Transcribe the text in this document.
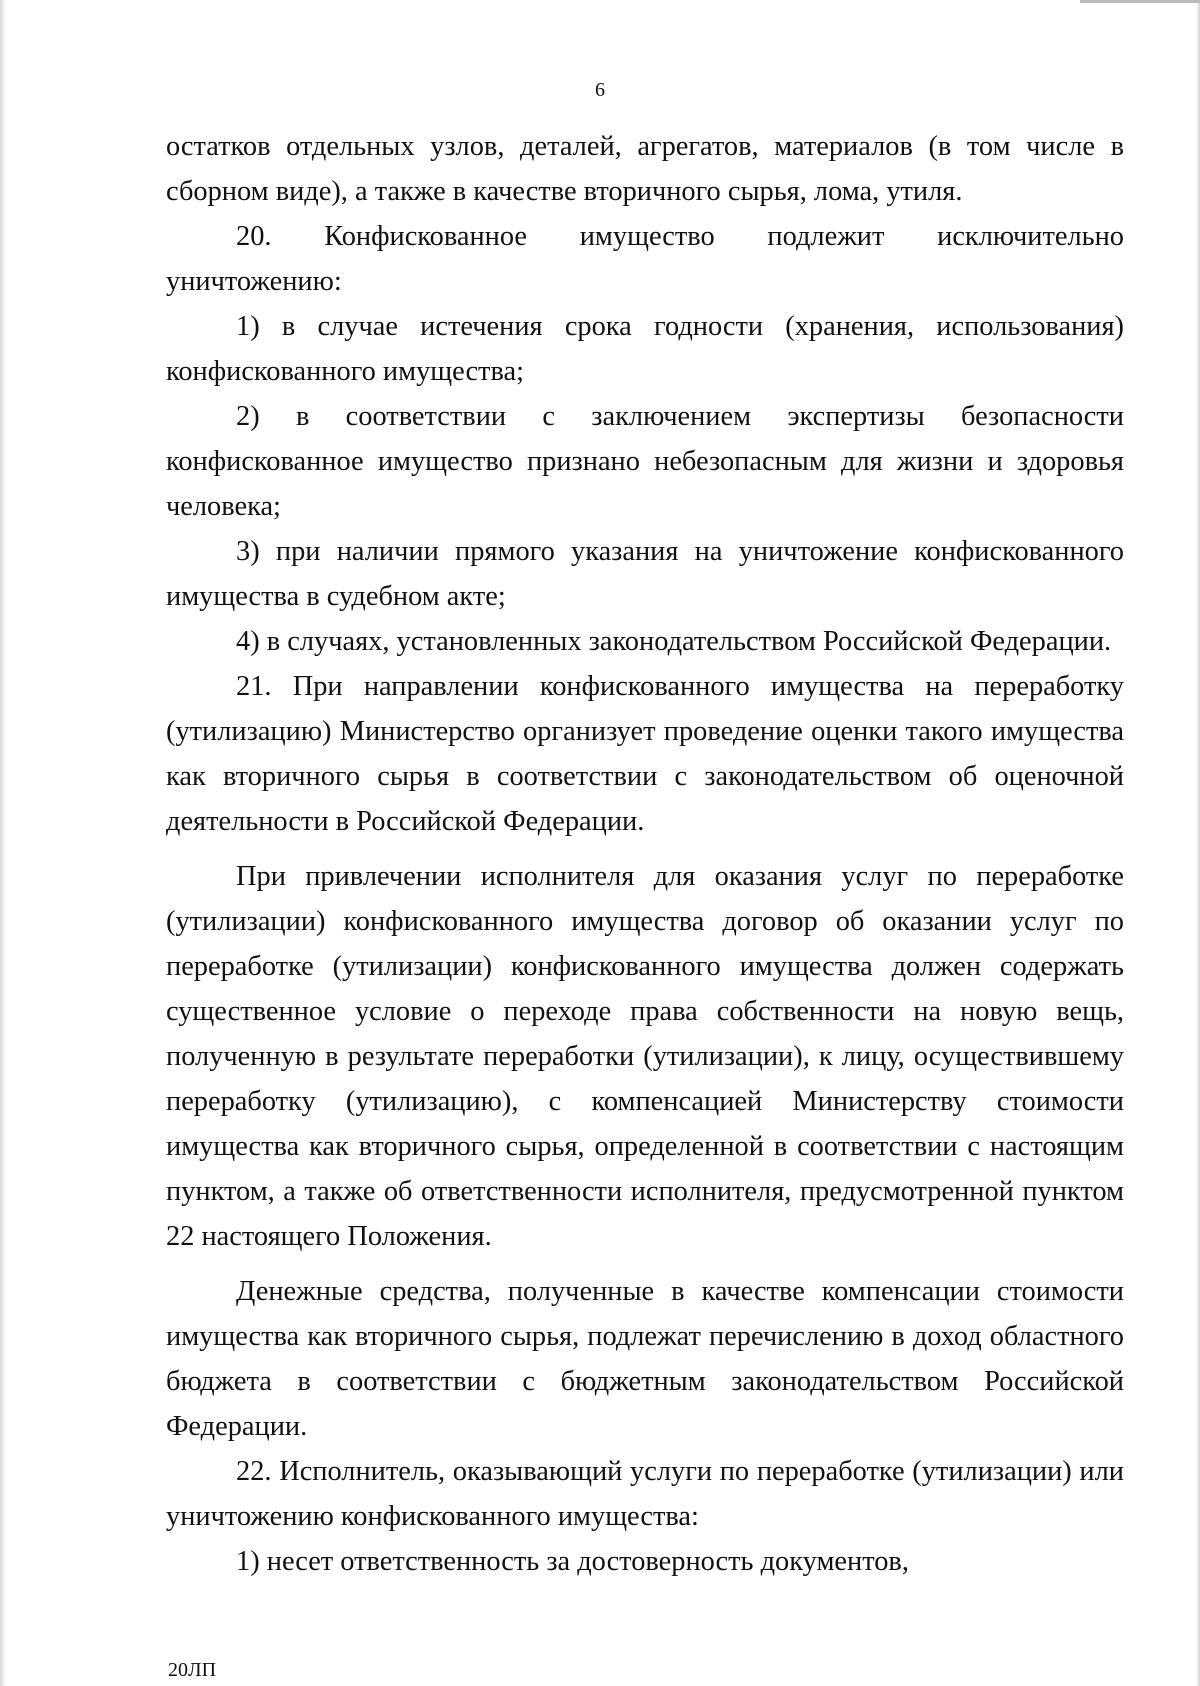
6

остатков отдельных узлов, деталей, агрегатов, материалов (в том числе в сборном виде), а также в качестве вторичного сырья, лома, утиля.

20. Конфискованное имущество подлежит исключительно уничтожению:

1) в случае истечения срока годности (хранения, использования) конфискованного имущества;

2) в соответствии с заключением экспертизы безопасности конфискованное имущество признано небезопасным для жизни и здоровья человека;

3) при наличии прямого указания на уничтожение конфискованного имущества в судебном акте;

4) в случаях, установленных законодательством Российской Федерации.

21. При направлении конфискованного имущества на переработку (утилизацию) Министерство организует проведение оценки такого имущества как вторичного сырья в соответствии с законодательством об оценочной деятельности в Российской Федерации.

При привлечении исполнителя для оказания услуг по переработке (утилизации) конфискованного имущества договор об оказании услуг по переработке (утилизации) конфискованного имущества должен содержать существенное условие о переходе права собственности на новую вещь, полученную в результате переработки (утилизации), к лицу, осуществившему переработку (утилизацию), с компенсацией Министерству стоимости имущества как вторичного сырья, определенной в соответствии с настоящим пунктом, а также об ответственности исполнителя, предусмотренной пунктом 22 настоящего Положения.

Денежные средства, полученные в качестве компенсации стоимости имущества как вторичного сырья, подлежат перечислению в доход областного бюджета в соответствии с бюджетным законодательством Российской Федерации.

22. Исполнитель, оказывающий услуги по переработке (утилизации) или уничтожению конфискованного имущества:

1) несет ответственность за достоверность документов,

20ЛП
